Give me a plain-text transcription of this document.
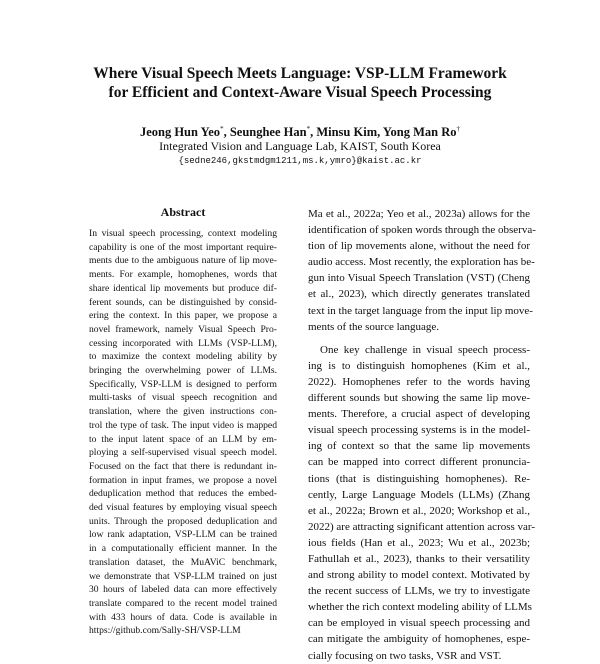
Where Visual Speech Meets Language: VSP-LLM Framework
for Efficient and Context-Aware Visual Speech Processing
Jeong Hun Yeo*, Seunghee Han*, Minsu Kim, Yong Man Ro†
Integrated Vision and Language Lab, KAIST, South Korea
{sedne246,gkstmdgm1211,ms.k,ymro}@kaist.ac.kr
Abstract
In visual speech processing, context modeling
capability is one of the most important require-
ments due to the ambiguous nature of lip move-
ments. For example, homophenes, words that
share identical lip movements but produce dif-
ferent sounds, can be distinguished by consid-
ering the context. In this paper, we propose a
novel framework, namely Visual Speech Pro-
cessing incorporated with LLMs (VSP-LLM),
to maximize the context modeling ability by
bringing the overwhelming power of LLMs.
Specifically, VSP-LLM is designed to perform
multi-tasks of visual speech recognition and
translation, where the given instructions con-
trol the type of task. The input video is mapped
to the input latent space of an LLM by em-
ploying a self-supervised visual speech model.
Focused on the fact that there is redundant in-
formation in input frames, we propose a novel
deduplication method that reduces the embed-
ded visual features by employing visual speech
units. Through the proposed deduplication and
low rank adaptation, VSP-LLM can be trained
in a computationally efficient manner. In the
translation dataset, the MuAViC benchmark,
we demonstrate that VSP-LLM trained on just
30 hours of labeled data can more effectively
translate compared to the recent model trained
with 433 hours of data. Code is available in
https://github.com/Sally-SH/VSP-LLM
Ma et al., 2022a; Yeo et al., 2023a) allows for the
identification of spoken words through the observa-
tion of lip movements alone, without the need for
audio access. Most recently, the exploration has be-
gun into Visual Speech Translation (VST) (Cheng
et al., 2023), which directly generates translated
text in the target language from the input lip move-
ments of the source language.
One key challenge in visual speech process-
ing is to distinguish homophenes (Kim et al.,
2022). Homophenes refer to the words having
different sounds but showing the same lip move-
ments. Therefore, a crucial aspect of developing
visual speech processing systems is in the model-
ing of context so that the same lip movements
can be mapped into correct different pronuncia-
tions (that is distinguishing homophenes). Re-
cently, Large Language Models (LLMs) (Zhang
et al., 2022a; Brown et al., 2020; Workshop et al.,
2022) are attracting significant attention across var-
ious fields (Han et al., 2023; Wu et al., 2023b;
Fathullah et al., 2023), thanks to their versatility
and strong ability to model context. Motivated by
the recent success of LLMs, we try to investigate
whether the rich context modeling ability of LLMs
can be employed in visual speech processing and
can mitigate the ambiguity of homophenes, espe-
cially focusing on two tasks, VSR and VST.
